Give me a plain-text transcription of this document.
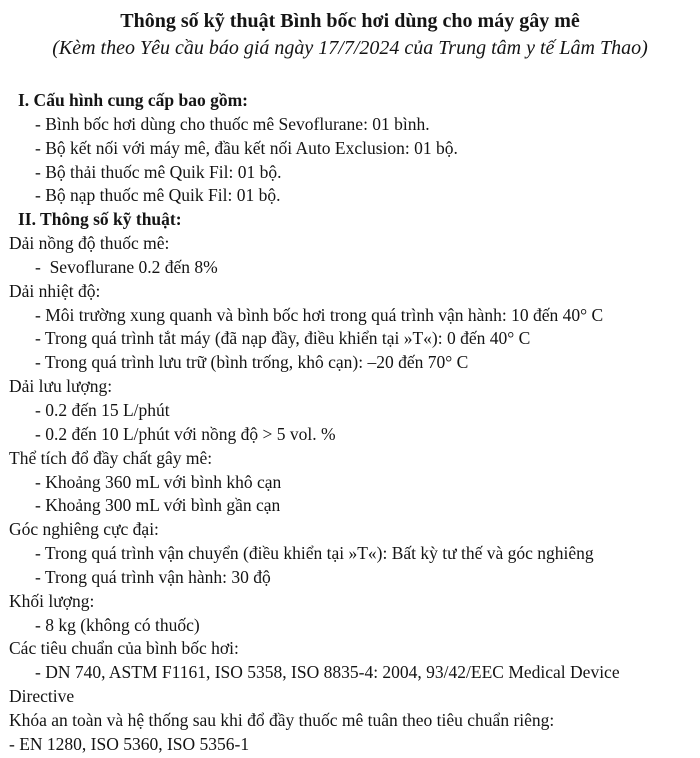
Thông số kỹ thuật Bình bốc hơi dùng cho máy gây mê
(Kèm theo Yêu cầu báo giá ngày 17/7/2024 của Trung tâm y tế Lâm Thao)
I. Cấu hình cung cấp bao gồm:
- Bình bốc hơi dùng cho thuốc mê Sevoflurane: 01 bình.
- Bộ kết nối với máy mê, đầu kết nối Auto Exclusion: 01 bộ.
- Bộ thải thuốc mê Quik Fil: 01 bộ.
- Bộ nạp thuốc mê Quik Fil: 01 bộ.
II. Thông số kỹ thuật:
Dải nồng độ thuốc mê:
-  Sevoflurane 0.2 đến 8%
Dải nhiệt độ:
- Môi trường xung quanh và bình bốc hơi trong quá trình vận hành: 10 đến 40° C
- Trong quá trình tắt máy (đã nạp đầy, điều khiển tại »T«): 0 đến 40° C
- Trong quá trình lưu trữ (bình trống, khô cạn): –20 đến 70° C
Dải lưu lượng:
- 0.2 đến 15 L/phút
- 0.2 đến 10 L/phút với nồng độ > 5 vol. %
Thể tích đổ đầy chất gây mê:
- Khoảng 360 mL với bình khô cạn
- Khoảng 300 mL với bình gần cạn
Góc nghiêng cực đại:
- Trong quá trình vận chuyển (điều khiển tại »T«): Bất kỳ tư thế và góc nghiêng
- Trong quá trình vận hành: 30 độ
Khối lượng:
- 8 kg (không có thuốc)
Các tiêu chuẩn của bình bốc hơi:
- DN 740, ASTM F1161, ISO 5358, ISO 8835-4: 2004, 93/42/EEC Medical Device Directive
Khóa an toàn và hệ thống sau khi đổ đầy thuốc mê tuân theo tiêu chuẩn riêng:
- EN 1280, ISO 5360, ISO 5356-1
